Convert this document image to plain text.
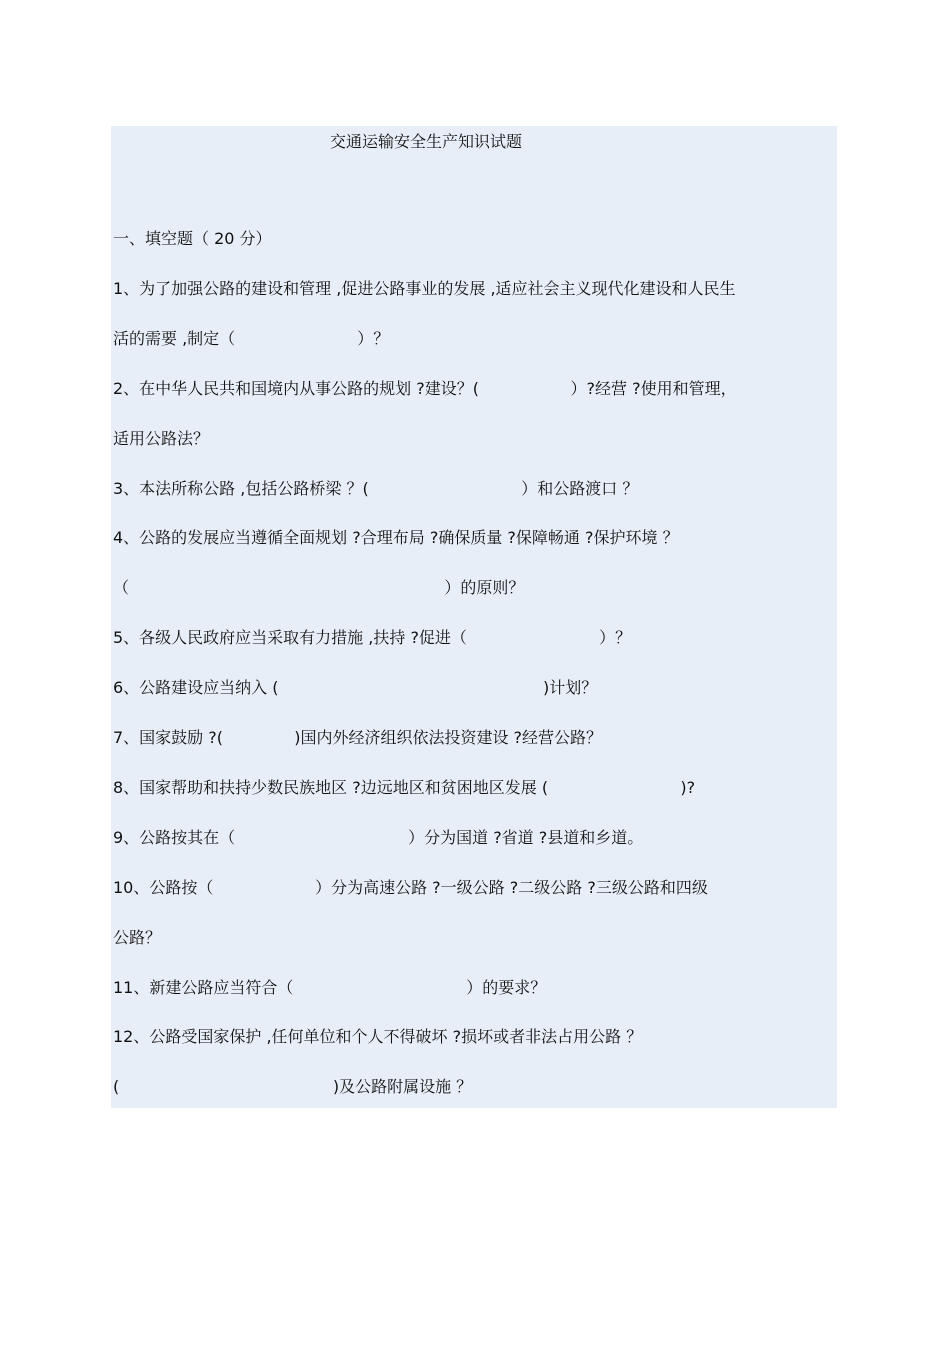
交通运输安全生产知识试题
一、填空题（ 20 分）
1、为了加强公路的建设和管理 ,促进公路事业的发展 ,适应社会主义现代化建设和人民生
活的需要 ,制定（                        ）？
2、在中华人民共和国境内从事公路的规划 ?建设？(                  ）?经营 ?使用和管理，
适用公路法？
3、本法所称公路 ,包括公路桥梁 ？(                              ）和公路渡口 ？
4、公路的发展应当遵循全面规划 ?合理布局 ?确保质量 ?保障畅通 ?保护环境 ？
（                                                              ）的原则？
5、各级人民政府应当采取有力措施 ,扶持 ?促进（                          ）？
6、公路建设应当纳入 (                                                    )计划？
7、国家鼓励 ?(              )国内外经济组织依法投资建设 ?经营公路？
8、国家帮助和扶持少数民族地区 ?边远地区和贫困地区发展 (                          )?
9、公路按其在（                                  ）分为国道 ?省道 ?县道和乡道。
10、公路按（                    ）分为高速公路 ?一级公路 ?二级公路 ?三级公路和四级
公路？
11、新建公路应当符合（                                  ）的要求？
12、公路受国家保护 ,任何单位和个人不得破坏 ?损坏或者非法占用公路 ？
(                                          )及公路附属设施 ？
